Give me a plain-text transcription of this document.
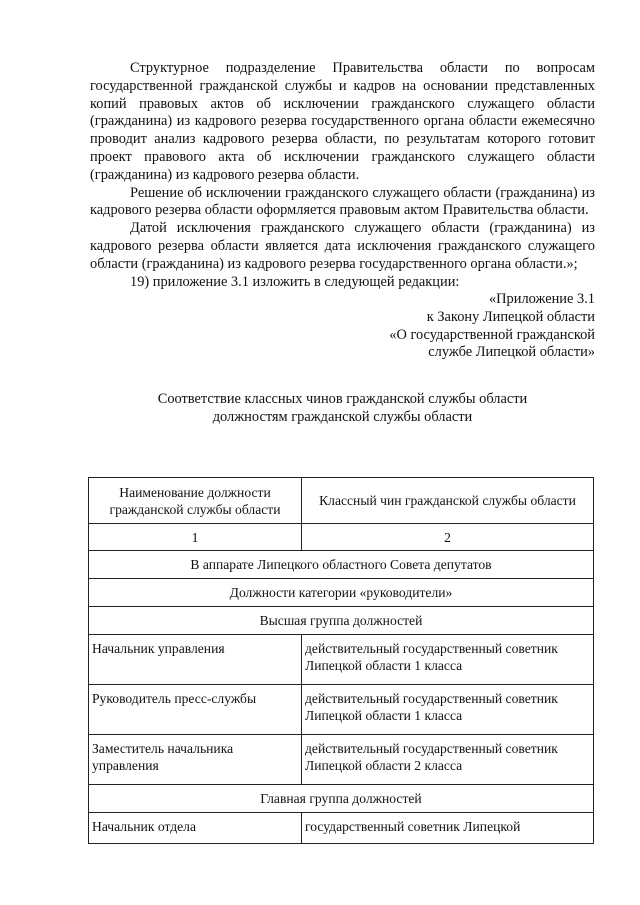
Структурное подразделение Правительства области по вопросам государственной гражданской службы и кадров на основании представленных копий правовых актов об исключении гражданского служащего области (гражданина) из кадрового резерва государственного органа области ежемесячно проводит анализ кадрового резерва области, по результатам которого готовит проект правового акта об исключении гражданского служащего области (гражданина) из кадрового резерва области.

Решение об исключении гражданского служащего области (гражданина) из кадрового резерва области оформляется правовым актом Правительства области.

Датой исключения гражданского служащего области (гражданина) из кадрового резерва области является дата исключения гражданского служащего области (гражданина) из кадрового резерва государственного органа области.»;

19) приложение 3.1 изложить в следующей редакции:

«Приложение 3.1
к Закону Липецкой области
«О государственной гражданской
службе Липецкой области»
Соответствие классных чинов гражданской службы области
должностям гражданской службы области
Наименование должности гражданской службы области	Классный чин гражданской службы области
1	2
В аппарате Липецкого областного Совета депутатов	
Должности категории «руководители»	
Высшая группа должностей	
Начальник управления	действительный государственный советник Липецкой области 1 класса
Руководитель пресс-службы	действительный государственный советник Липецкой области 1 класса
Заместитель начальника управления	действительный государственный советник Липецкой области 2 класса
Главная группа должностей	
Начальник отдела	государственный советник Липецкой
